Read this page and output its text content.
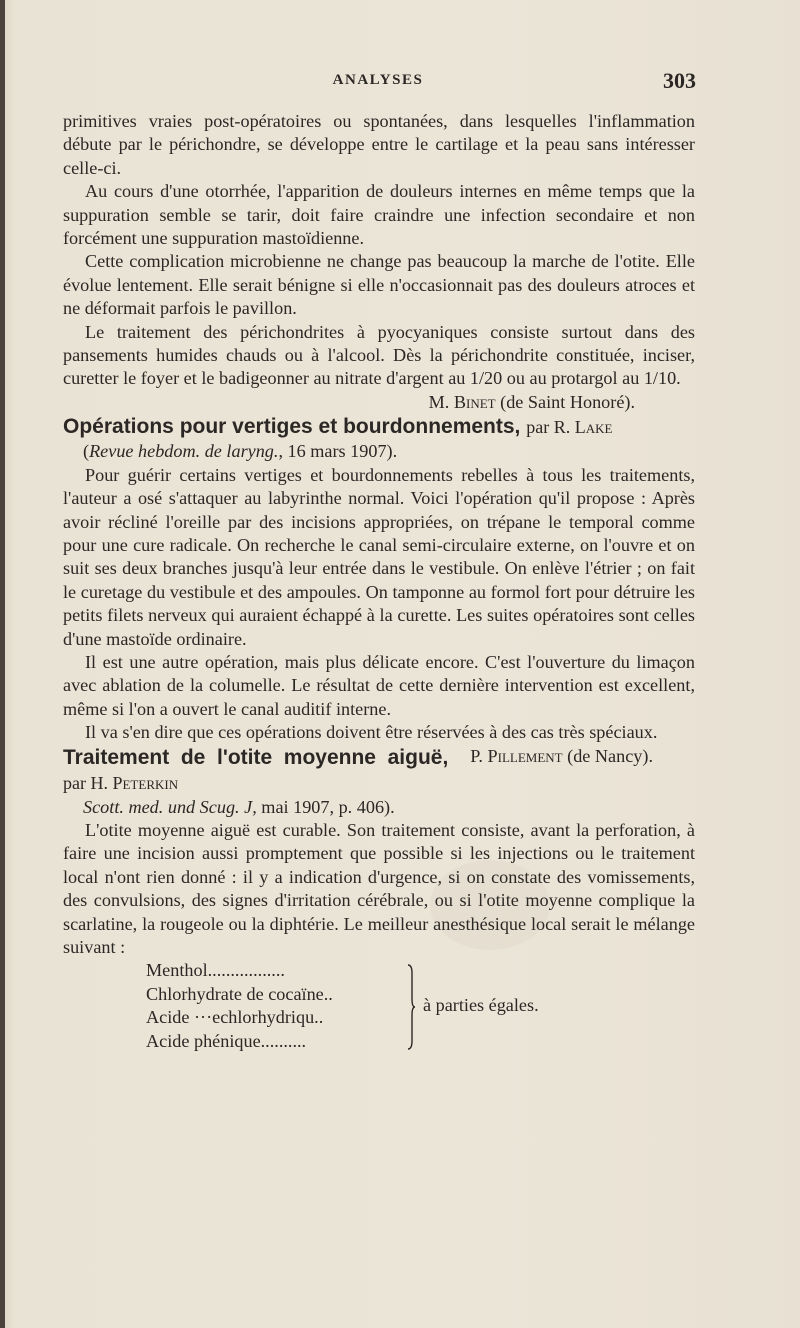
ANALYSES	303

primitives vraies post-opératoires ou spontanées, dans lesquelles l'inflammation débute par le périchondre, se développe entre le cartilage et la peau sans intéresser celle-ci.

Au cours d'une otorrhée, l'apparition de douleurs internes en même temps que la suppuration semble se tarir, doit faire craindre une infection secondaire et non forcément une suppuration mastoïdienne.

Cette complication microbienne ne change pas beaucoup la marche de l'otite. Elle évolue lentement. Elle serait bénigne si elle n'occasionnait pas des douleurs atroces et ne déformait parfois le pavillon.

Le traitement des périchondrites à pyocyaniques consiste surtout dans des pansements humides chauds ou à l'alcool. Dès la périchondrite constituée, inciser, curetter le foyer et le badigeonner au nitrate d'argent au 1/20 ou au protargol au 1/10.

M. Binet (de Saint Honoré).

Opérations pour vertiges et bourdonnements, par R. Lake

(Revue hebdom. de laryng., 16 mars 1907).

Pour guérir certains vertiges et bourdonnements rebelles à tous les traitements, l'auteur a osé s'attaquer au labyrinthe normal. Voici l'opération qu'il propose : Après avoir récliné l'oreille par des incisions appropriées, on trépane le temporal comme pour une cure radicale. On recherche le canal semi-circulaire externe, on l'ouvre et on suit ses deux branches jusqu'à leur entrée dans le vestibule. On enlève l'étrier ; on fait le curetage du vestibule et des ampoules. On tamponne au formol fort pour détruire les petits filets nerveux qui auraient échappé à la curette. Les suites opératoires sont celles d'une mastoïde ordinaire.

Il est une autre opération, mais plus délicate encore. C'est l'ouverture du limaçon avec ablation de la columelle. Le résultat de cette dernière intervention est excellent, même si l'on a ouvert le canal auditif interne.

Il va s'en dire que ces opérations doivent être réservées à des cas très spéciaux.
P. Pillement (de Nancy).

Traitement de l'otite moyenne aiguë, par H. Peterkin

Scott. med. und Scug. J, mai 1907, p. 406).

L'otite moyenne aiguë est curable. Son traitement consiste, avant la perforation, à faire une incision aussi promptement que possible si les injections ou le traitement local n'ont rien donné : il y a indication d'urgence, si on constate des vomissements, des convulsions, des signes d'irritation cérébrale, ou si l'otite moyenne complique la scarlatine, la rougeole ou la diphtérie. Le meilleur anesthésique local serait le mélange suivant :

Menthol.................
Chlorhydrate de cocaïne..
Acide ···echlorhydriqu..
Acide phénique..........
à parties égales.
